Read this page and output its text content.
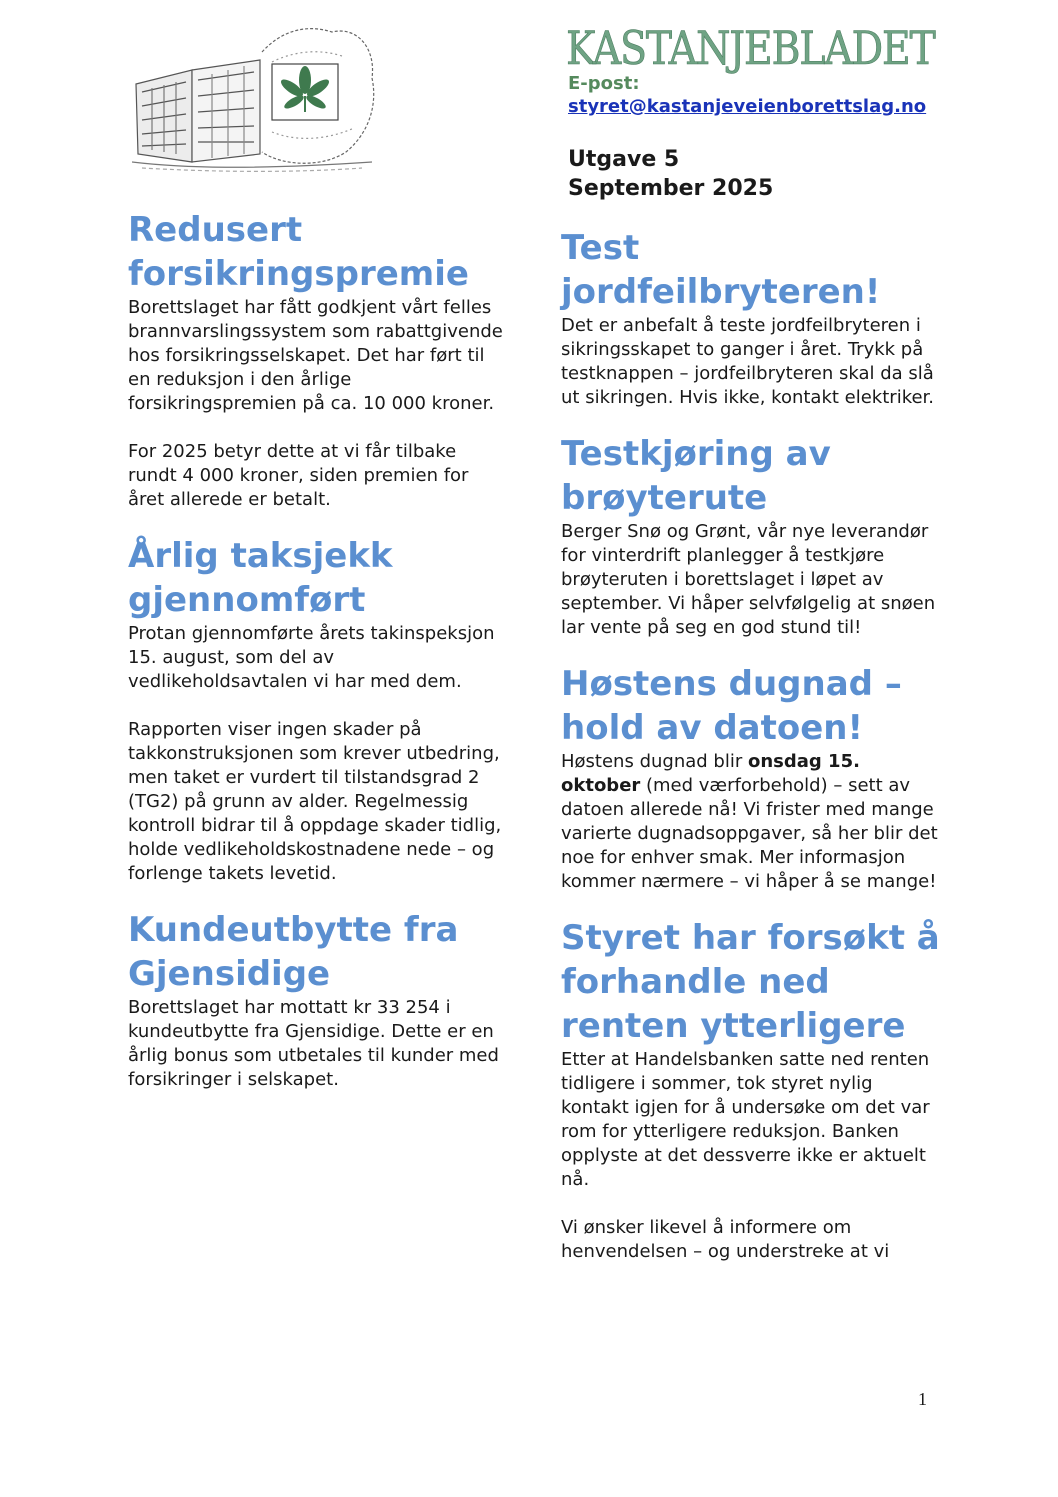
KASTANJEBLADET
E-post:
styret@kastanjeveienborettslag.no
Utgave 5
September 2025
Redusert forsikringspremie

Borettslaget har fått godkjent vårt felles brannvarslingssystem som rabattgivende hos forsikringsselskapet. Det har ført til en reduksjon i den årlige forsikringspremien på ca. 10 000 kroner.

For 2025 betyr dette at vi får tilbake rundt 4 000 kroner, siden premien for året allerede er betalt.

Årlig taksjekk gjennomført

Protan gjennomførte årets takinspeksjon 15. august, som del av vedlikeholdsavtalen vi har med dem.

Rapporten viser ingen skader på takkonstruksjonen som krever utbedring, men taket er vurdert til tilstandsgrad 2 (TG2) på grunn av alder. Regelmessig kontroll bidrar til å oppdage skader tidlig, holde vedlikeholdskostnadene nede – og forlenge takets levetid.

Kundeutbytte fra Gjensidige

Borettslaget har mottatt kr 33 254 i kundeutbytte fra Gjensidige. Dette er en årlig bonus som utbetales til kunder med forsikringer i selskapet.

Test jordfeilbryteren!

Det er anbefalt å teste jordfeilbryteren i sikringsskapet to ganger i året. Trykk på testknappen – jordfeilbryteren skal da slå ut sikringen. Hvis ikke, kontakt elektriker.

Testkjøring av brøyterute

Berger Snø og Grønt, vår nye leverandør for vinterdrift planlegger å testkjøre brøyteruten i borettslaget i løpet av september. Vi håper selvfølgelig at snøen lar vente på seg en god stund til!

Høstens dugnad – hold av datoen!

Høstens dugnad blir onsdag 15. oktober (med værforbehold) – sett av datoen allerede nå! Vi frister med mange varierte dugnadsoppgaver, så her blir det noe for enhver smak. Mer informasjon kommer nærmere – vi håper å se mange!

Styret har forsøkt å forhandle ned renten ytterligere

Etter at Handelsbanken satte ned renten tidligere i sommer, tok styret nylig kontakt igjen for å undersøke om det var rom for ytterligere reduksjon. Banken opplyste at det dessverre ikke er aktuelt nå.

Vi ønsker likevel å informere om henvendelsen – og understreke at vi

1
